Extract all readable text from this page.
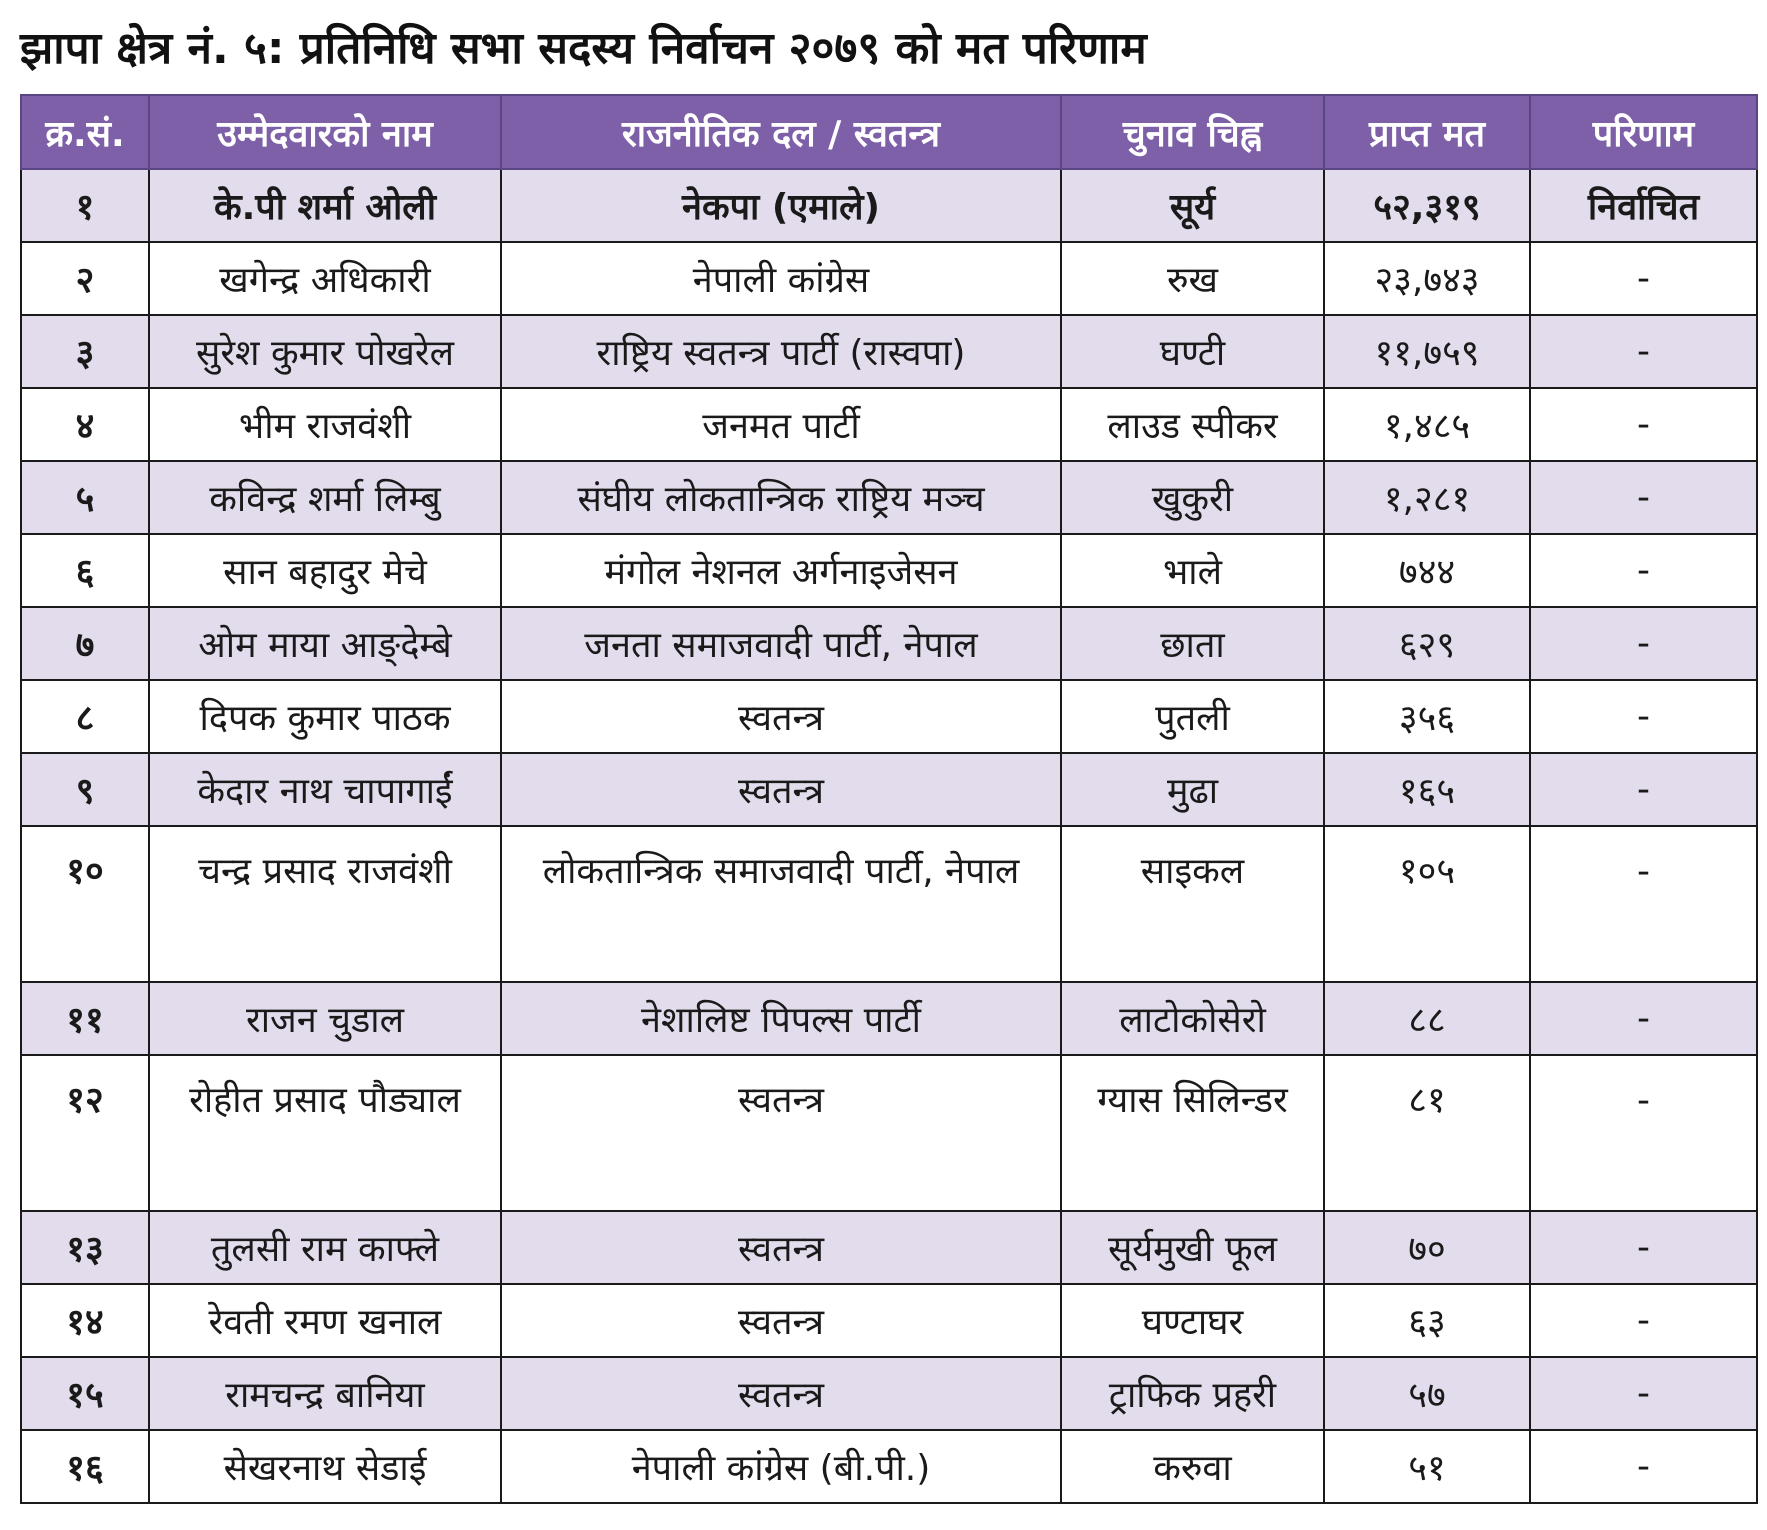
झापा क्षेत्र नं. ५: प्रतिनिधि सभा सदस्य निर्वाचन २०७९ को मत परिणाम
क्र.सं.	उम्मेदवारको नाम	राजनीतिक दल / स्वतन्त्र	चुनाव चिह्न	प्राप्त मत	परिणाम
१	के.पी शर्मा ओली	नेकपा (एमाले)	सूर्य	५२,३१९	निर्वाचित
२	खगेन्द्र अधिकारी	नेपाली कांग्रेस	रुख	२३,७४३	-
३	सुरेश कुमार पोखरेल	राष्ट्रिय स्वतन्त्र पार्टी (रास्वपा)	घण्टी	११,७५९	-
४	भीम राजवंशी	जनमत पार्टी	लाउड स्पीकर	१,४८५	-
५	कविन्द्र शर्मा लिम्बु	संघीय लोकतान्त्रिक राष्ट्रिय मञ्च	खुकुरी	१,२८१	-
६	सान बहादुर मेचे	मंगोल नेशनल अर्गनाइजेसन	भाले	७४४	-
७	ओम माया आङ्देम्बे	जनता समाजवादी पार्टी, नेपाल	छाता	६२९	-
८	दिपक कुमार पाठक	स्वतन्त्र	पुतली	३५६	-
९	केदार नाथ चापागाईं	स्वतन्त्र	मुढा	१६५	-
१०	चन्द्र प्रसाद राजवंशी	लोकतान्त्रिक समाजवादी पार्टी, नेपाल	साइकल	१०५	-
११	राजन चुडाल	नेशालिष्ट पिपल्स पार्टी	लाटोकोसेरो	८८	-
१२	रोहीत प्रसाद पौड्याल	स्वतन्त्र	ग्यास सिलिन्डर	८१	-
१३	तुलसी राम काफ्ले	स्वतन्त्र	सूर्यमुखी फूल	७०	-
१४	रेवती रमण खनाल	स्वतन्त्र	घण्टाघर	६३	-
१५	रामचन्द्र बानिया	स्वतन्त्र	ट्राफिक प्रहरी	५७	-
१६	सेखरनाथ सेडाई	नेपाली कांग्रेस (बी.पी.)	करुवा	५१	-
